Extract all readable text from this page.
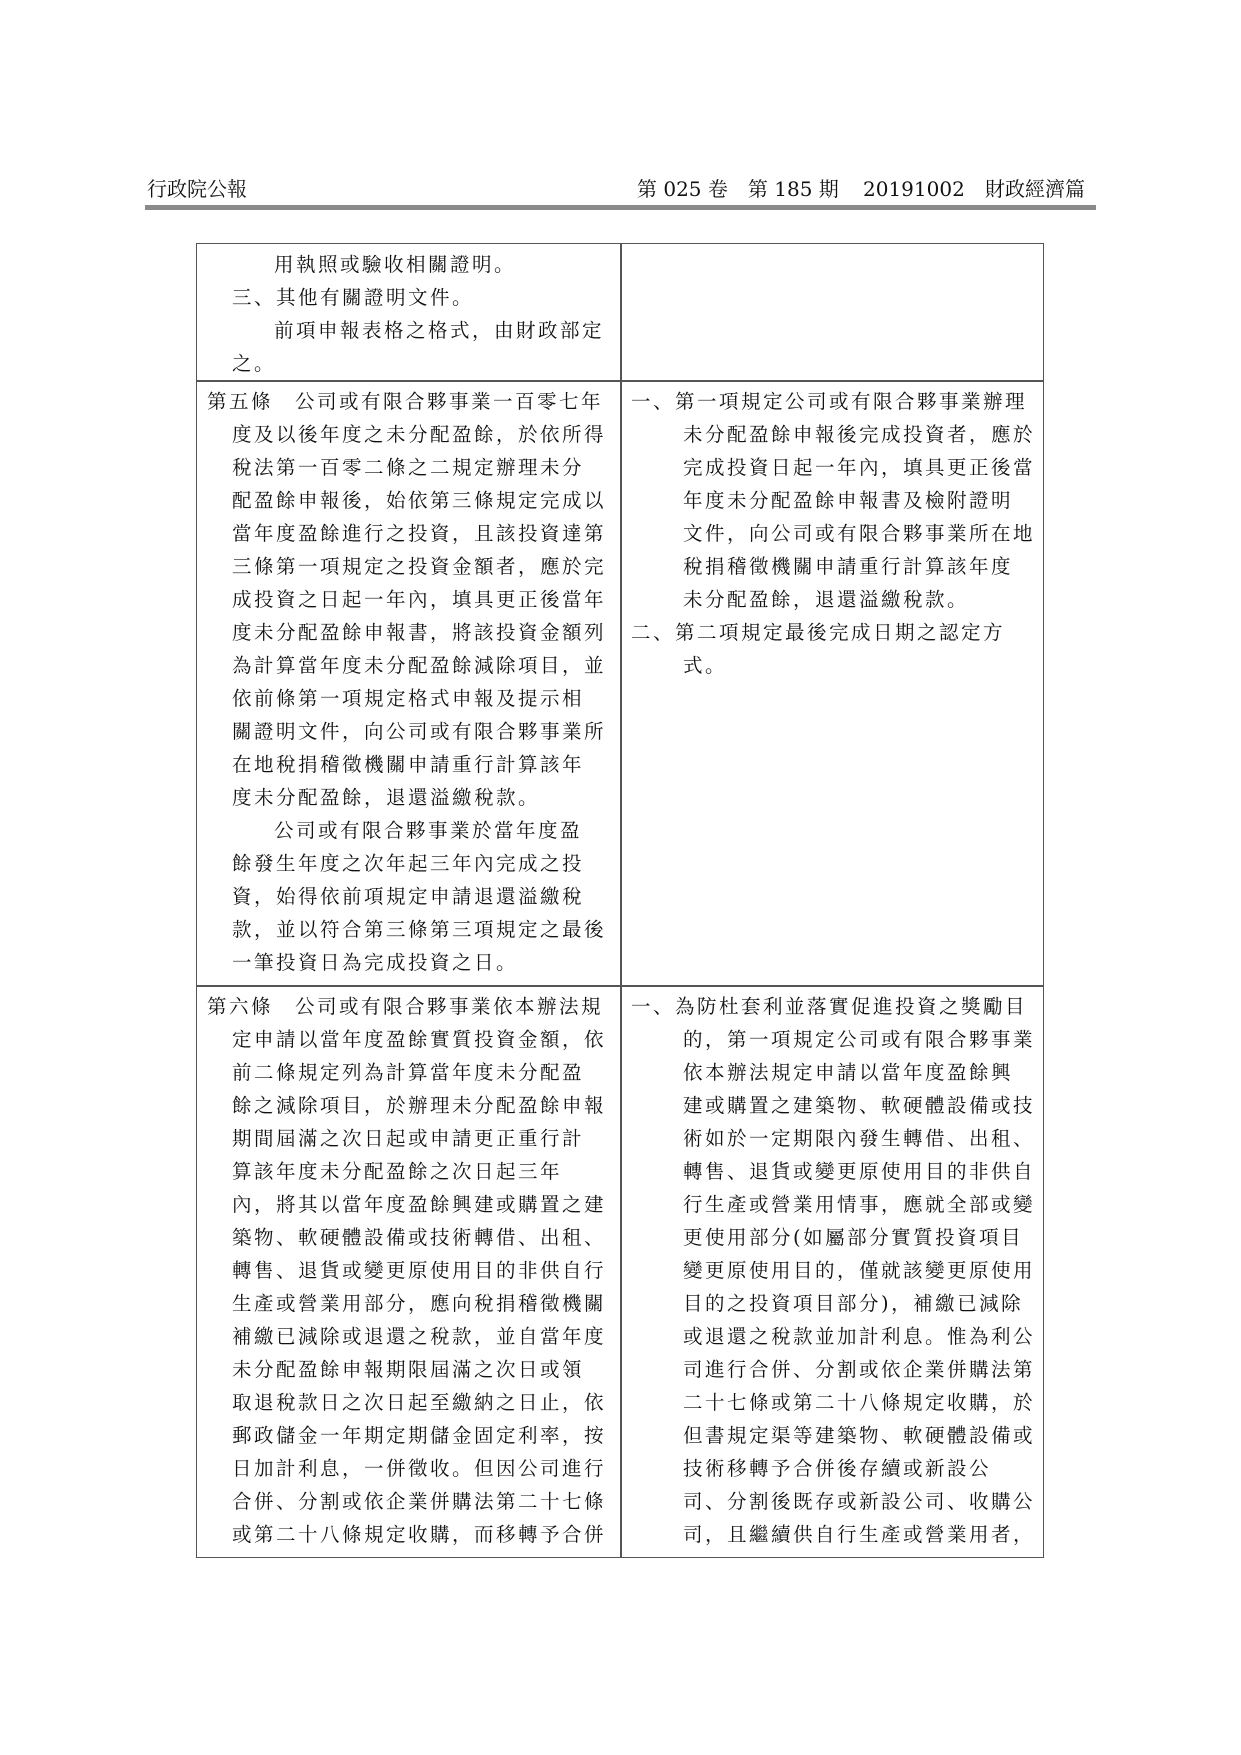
行政院公報	第 025 卷　第 185 期 20191002 財政經濟篇
用執照或驗收相關證明。
三、其他有關證明文件。
前項申報表格之格式，由財政部定
之。
第五條　公司或有限合夥事業一百零七年
度及以後年度之未分配盈餘，於依所得
稅法第一百零二條之二規定辦理未分
配盈餘申報後，始依第三條規定完成以
當年度盈餘進行之投資，且該投資達第
三條第一項規定之投資金額者，應於完
成投資之日起一年內，填具更正後當年
度未分配盈餘申報書，將該投資金額列
為計算當年度未分配盈餘減除項目，並
依前條第一項規定格式申報及提示相
關證明文件，向公司或有限合夥事業所
在地稅捐稽徵機關申請重行計算該年
度未分配盈餘，退還溢繳稅款。
公司或有限合夥事業於當年度盈
餘發生年度之次年起三年內完成之投
資，始得依前項規定申請退還溢繳稅
款，並以符合第三條第三項規定之最後
一筆投資日為完成投資之日。
一、第一項規定公司或有限合夥事業辦理
未分配盈餘申報後完成投資者，應於
完成投資日起一年內，填具更正後當
年度未分配盈餘申報書及檢附證明
文件，向公司或有限合夥事業所在地
稅捐稽徵機關申請重行計算該年度
未分配盈餘，退還溢繳稅款。
二、第二項規定最後完成日期之認定方
式。
第六條　公司或有限合夥事業依本辦法規
定申請以當年度盈餘實質投資金額，依
前二條規定列為計算當年度未分配盈
餘之減除項目，於辦理未分配盈餘申報
期間屆滿之次日起或申請更正重行計
算該年度未分配盈餘之次日起三年
內，將其以當年度盈餘興建或購置之建
築物、軟硬體設備或技術轉借、出租、
轉售、退貨或變更原使用目的非供自行
生產或營業用部分，應向稅捐稽徵機關
補繳已減除或退還之稅款，並自當年度
未分配盈餘申報期限屆滿之次日或領
取退稅款日之次日起至繳納之日止，依
郵政儲金一年期定期儲金固定利率，按
日加計利息，一併徵收。但因公司進行
合併、分割或依企業併購法第二十七條
或第二十八條規定收購，而移轉予合併
一、為防杜套利並落實促進投資之獎勵目
的，第一項規定公司或有限合夥事業
依本辦法規定申請以當年度盈餘興
建或購置之建築物、軟硬體設備或技
術如於一定期限內發生轉借、出租、
轉售、退貨或變更原使用目的非供自
行生產或營業用情事，應就全部或變
更使用部分(如屬部分實質投資項目
變更原使用目的，僅就該變更原使用
目的之投資項目部分)，補繳已減除
或退還之稅款並加計利息。惟為利公
司進行合併、分割或依企業併購法第
二十七條或第二十八條規定收購，於
但書規定渠等建築物、軟硬體設備或
技術移轉予合併後存續或新設公
司、分割後既存或新設公司、收購公
司，且繼續供自行生產或營業用者，
